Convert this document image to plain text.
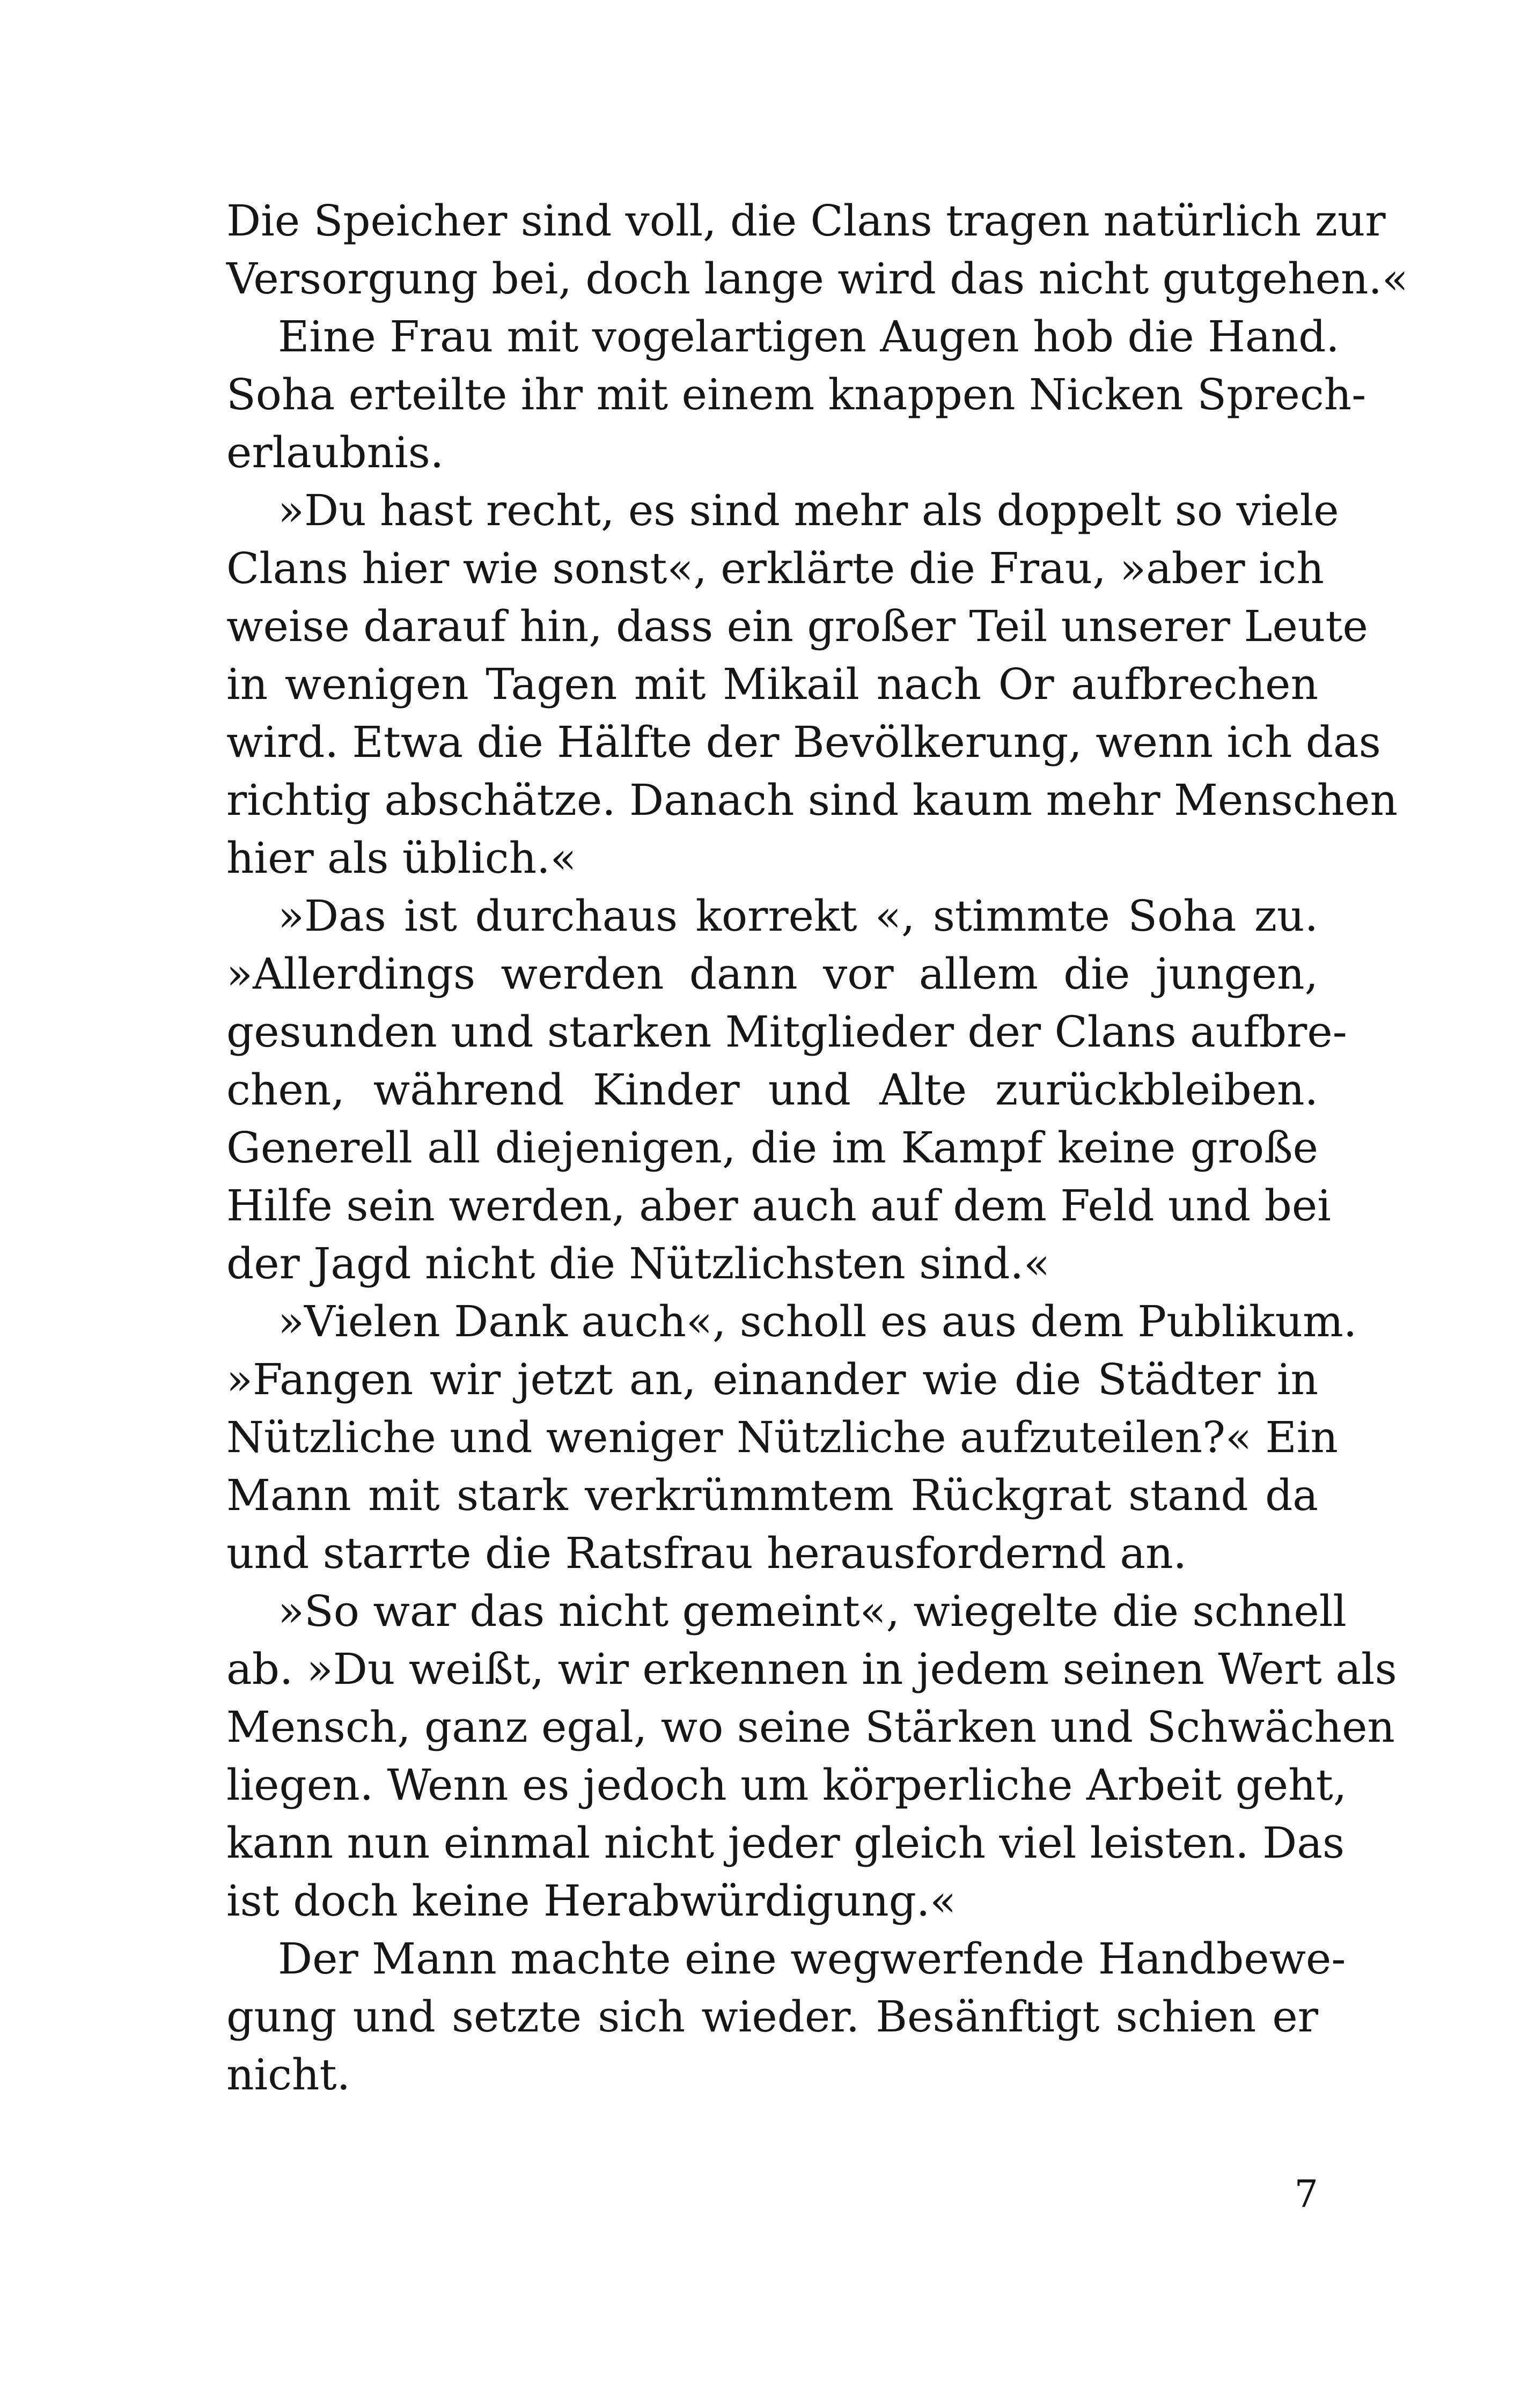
Die Speicher sind voll, die Clans tragen natürlich zur
Versorgung bei, doch lange wird das nicht gutgehen.«
Eine Frau mit vogelartigen Augen hob die Hand.
Soha erteilte ihr mit einem knappen Nicken Sprech-
erlaubnis.
»Du hast recht, es sind mehr als doppelt so viele
Clans hier wie sonst«, erklärte die Frau, »aber ich
weise darauf hin, dass ein großer Teil unserer Leute
in wenigen Tagen mit Mikail nach Or aufbrechen
wird. Etwa die Hälfte der Bevölkerung, wenn ich das
richtig abschätze. Danach sind kaum mehr Menschen
hier als üblich.«
»Das ist durchaus korrekt «, stimmte Soha zu.
»Allerdings werden dann vor allem die jungen,
gesunden und starken Mitglieder der Clans aufbre-
chen, während Kinder und Alte zurückbleiben.
Generell all diejenigen, die im Kampf keine große
Hilfe sein werden, aber auch auf dem Feld und bei
der Jagd nicht die Nützlichsten sind.«
»Vielen Dank auch«, scholl es aus dem Publikum.
»Fangen wir jetzt an, einander wie die Städter in
Nützliche und weniger Nützliche aufzuteilen?« Ein
Mann mit stark verkrümmtem Rückgrat stand da
und starrte die Ratsfrau herausfordernd an.
»So war das nicht gemeint«, wiegelte die schnell
ab. »Du weißt, wir erkennen in jedem seinen Wert als
Mensch, ganz egal, wo seine Stärken und Schwächen
liegen. Wenn es jedoch um körperliche Arbeit geht,
kann nun einmal nicht jeder gleich viel leisten. Das
ist doch keine Herabwürdigung.«
Der Mann machte eine wegwerfende Handbewe-
gung und setzte sich wieder. Besänftigt schien er
nicht.
7
